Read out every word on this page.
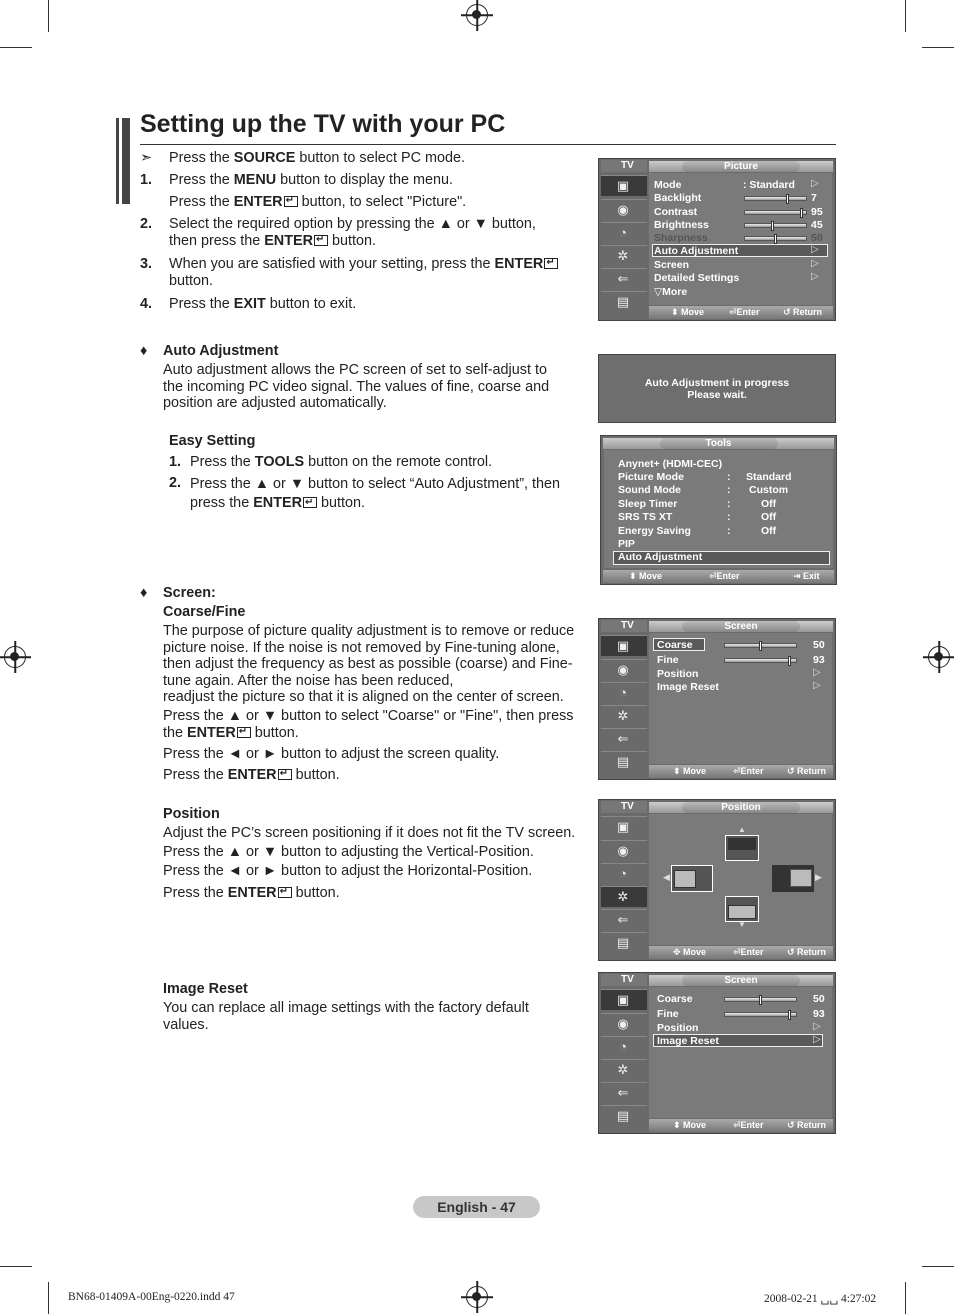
Setting up the TV with your PC
➣ Press the SOURCE button to select PC mode.
1. Press the MENU button to display the menu.
Press the ENTER↵ button, to select "Picture".
2. Select the required option by pressing the ▲ or ▼ button,
then press the ENTER↵ button.
3. When you are satisfied with your setting, press the ENTER↵
button.
4. Press the EXIT button to exit.
♦ Auto Adjustment
Auto adjustment allows the PC screen of set to self-adjust to
the incoming PC video signal. The values of fine, coarse and
position are adjusted automatically.
Easy Setting
1. Press the TOOLS button on the remote control.
2. Press the ▲ or ▼ button to select “Auto Adjustment”, then
press the ENTER↵ button.
♦ Screen:
Coarse/Fine
The purpose of picture quality adjustment is to remove or reduce
picture noise. If the noise is not removed by Fine-tuning alone,
then adjust the frequency as best as possible (coarse) and Fine-
tune again. After the noise has been reduced,
readjust the picture so that it is aligned on the center of screen.
Press the ▲ or ▼ button to select "Coarse" or "Fine", then press
the ENTER↵ button.
Press the ◄ or ► button to adjust the screen quality.
Press the ENTER↵ button.
Position
Adjust the PC’s screen positioning if it does not fit the TV screen.
Press the ▲ or ▼ button to adjusting the Vertical-Position.
Press the ◄ or ► button to adjust the Horizontal-Position.
Press the ENTER↵ button.
Image Reset
You can replace all image settings with the factory default
values.
TV
▣
◉
◔
✲
⇐
▤
Picture
Mode	: Standard ▷
Backlight	7
Contrast	95
Brightness	45
Sharpness	50
Auto Adjustment	▷
Screen	▷
Detailed Settings	▷
▽More
⬍ Move	⏎Enter	↺ Return
Auto Adjustment in progress
Please wait.
Tools
Anynet+ (HDMI-CEC)
Picture Mode	: Standard
Sound Mode	: Custom
Sleep Timer	:	Off
SRS TS XT	:	Off
Energy Saving	:	Off
PIP
Auto Adjustment
⬍ Move	⏎Enter	⇥ Exit
TV
▣
◉
◔
✲
⇐
▤
Screen
Coarse	50
Fine	93
Position	▷
Image Reset	▷
⬍ Move	⏎Enter	↺ Return
TV
▣
◉
◔
✲
⇐
▤
Position
▲
◀	▶
▼
✥ Move	⏎Enter	↺ Return
TV
▣
◉
◔
✲
⇐
▤
Screen
Coarse	50
Fine	93
Position	▷
Image Reset	▷
⬍ Move	⏎Enter	↺ Return
English - 47
BN68-01409A-00Eng-0220.indd 47	2008-02-21 ␣␣ 4:27:02
